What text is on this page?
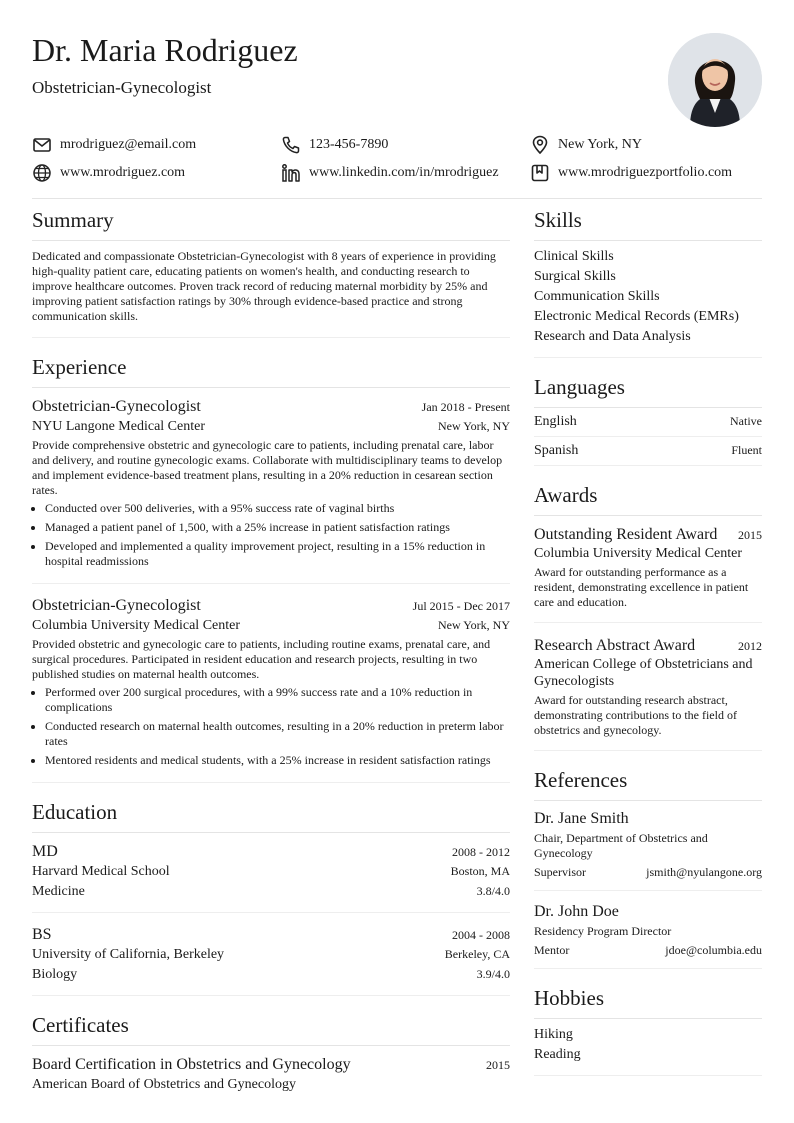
Dr. Maria Rodriguez
Obstetrician-Gynecologist
mrodriguez@email.com	123-456-7890	New York, NY
www.mrodriguez.com	www.linkedin.com/in/mrodriguez	www.mrodriguezportfolio.com
Summary
Dedicated and compassionate Obstetrician-Gynecologist with 8 years of experience in providing high-quality patient care, educating patients on women's health, and conducting research to improve healthcare outcomes. Proven track record of reducing maternal morbidity by 25% and improving patient satisfaction ratings by 30% through evidence-based practice and strong communication skills.
Experience
Obstetrician-Gynecologist	Jan 2018 - Present
NYU Langone Medical Center	New York, NY
Provide comprehensive obstetric and gynecologic care to patients, including prenatal care, labor and delivery, and routine gynecologic exams. Collaborate with multidisciplinary teams to develop and implement evidence-based treatment plans, resulting in a 20% reduction in cesarean section rates.
• Conducted over 500 deliveries, with a 95% success rate of vaginal births
• Managed a patient panel of 1,500, with a 25% increase in patient satisfaction ratings
• Developed and implemented a quality improvement project, resulting in a 15% reduction in hospital readmissions
Obstetrician-Gynecologist	Jul 2015 - Dec 2017
Columbia University Medical Center	New York, NY
Provided obstetric and gynecologic care to patients, including routine exams, prenatal care, and surgical procedures. Participated in resident education and research projects, resulting in two published studies on maternal health outcomes.
• Performed over 200 surgical procedures, with a 99% success rate and a 10% reduction in complications
• Conducted research on maternal health outcomes, resulting in a 20% reduction in preterm labor rates
• Mentored residents and medical students, with a 25% increase in resident satisfaction ratings
Education
MD	2008 - 2012
Harvard Medical School	Boston, MA
Medicine	3.8/4.0
BS	2004 - 2008
University of California, Berkeley	Berkeley, CA
Biology	3.9/4.0
Certificates
Board Certification in Obstetrics and Gynecology	2015
American Board of Obstetrics and Gynecology
Skills
Clinical Skills
Surgical Skills
Communication Skills
Electronic Medical Records (EMRs)
Research and Data Analysis
Languages
English	Native
Spanish	Fluent
Awards
Outstanding Resident Award 2015
Columbia University Medical Center
Award for outstanding performance as a resident, demonstrating excellence in patient care and education.
Research Abstract Award	2012
American College of Obstetricians and Gynecologists
Award for outstanding research abstract, demonstrating contributions to the field of obstetrics and gynecology.
References
Dr. Jane Smith
Chair, Department of Obstetrics and Gynecology
Supervisor	jsmith@nyulangone.org
Dr. John Doe
Residency Program Director
Mentor	jdoe@columbia.edu
Hobbies
Hiking
Reading
